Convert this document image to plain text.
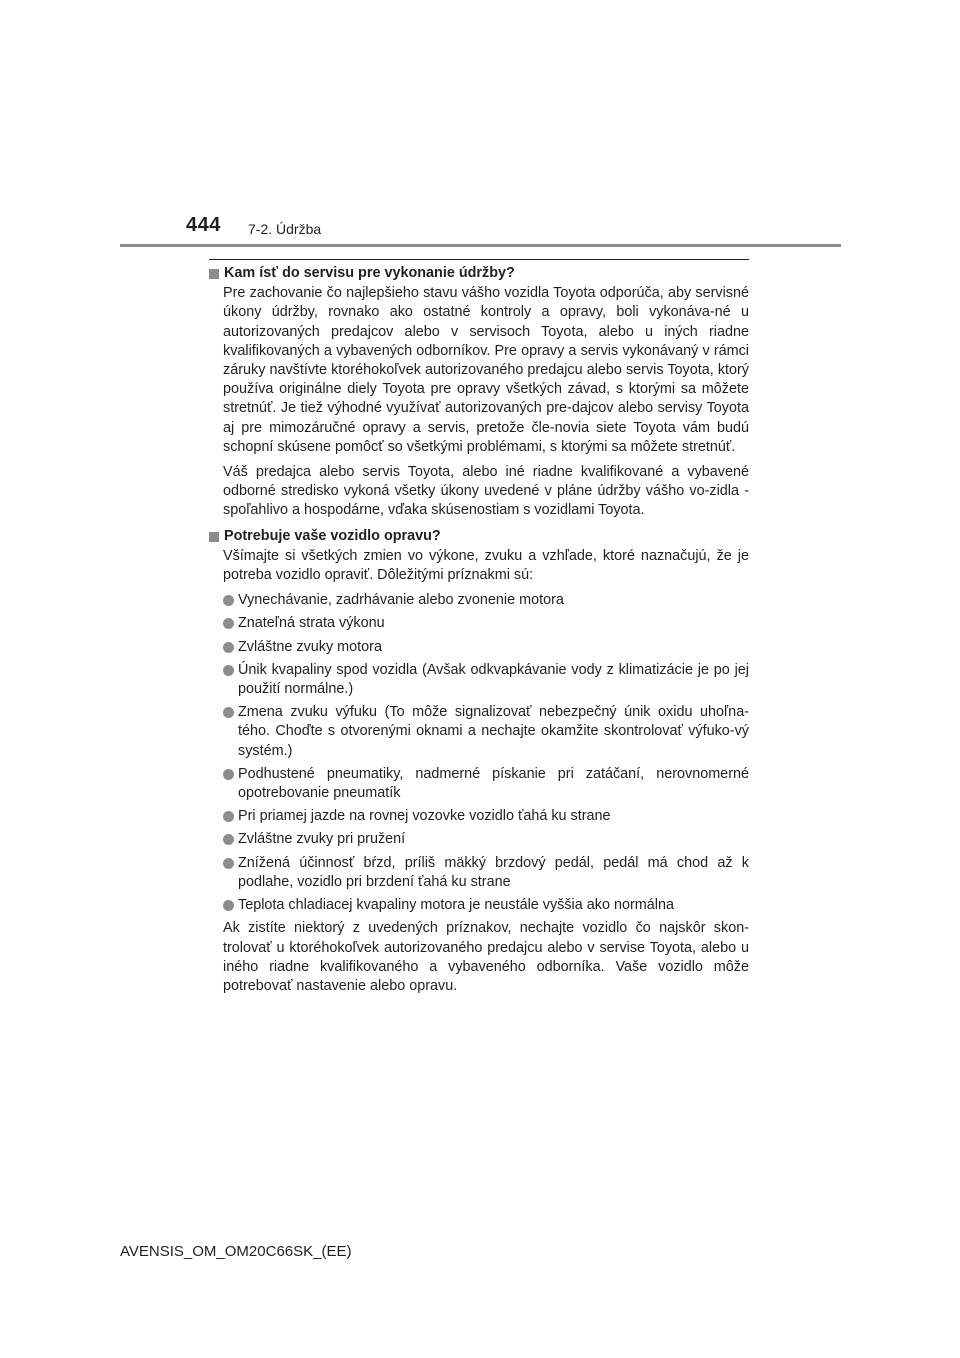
444 7-2. Údržba
Kam ísť do servisu pre vykonanie údržby?

Pre zachovanie čo najlepšieho stavu vášho vozidla Toyota odporúča, aby servisné úkony údržby, rovnako ako ostatné kontroly a opravy, boli vykonáva-né u autorizovaných predajcov alebo v servisoch Toyota, alebo u iných riadne kvalifikovaných a vybavených odborníkov. Pre opravy a servis vykonávaný v rámci záruky navštívte ktoréhokoľvek autorizovaného predajcu alebo servis Toyota, ktorý používa originálne diely Toyota pre opravy všetkých závad, s ktorými sa môžete stretnúť. Je tiež výhodné využívať autorizovaných pre-dajcov alebo servisy Toyota aj pre mimozáručné opravy a servis, pretože čle-novia siete Toyota vám budú schopní skúsene pomôcť so všetkými problémami, s ktorými sa môžete stretnúť.

Váš predajca alebo servis Toyota, alebo iné riadne kvalifikované a vybavené odborné stredisko vykoná všetky úkony uvedené v pláne údržby vášho vo-zidla - spoľahlivo a hospodárne, vďaka skúsenostiam s vozidlami Toyota.

Potrebuje vaše vozidlo opravu?

Všímajte si všetkých zmien vo výkone, zvuku a vzhľade, ktoré naznačujú, že je potreba vozidlo opraviť. Dôležitými príznakmi sú:

Vynechávanie, zadrhávanie alebo zvonenie motora
Znateľná strata výkonu
Zvláštne zvuky motora
Únik kvapaliny spod vozidla (Avšak odkvapkávanie vody z klimatizácie je po jej použití normálne.)
Zmena zvuku výfuku (To môže signalizovať nebezpečný únik oxidu uhoľna-tého. Choďte s otvorenými oknami a nechajte okamžite skontrolovať výfuko-vý systém.)
Podhustené pneumatiky, nadmerné pískanie pri zatáčaní, nerovnomerné opotrebovanie pneumatík
Pri priamej jazde na rovnej vozovke vozidlo ťahá ku strane
Zvláštne zvuky pri pružení
Znížená účinnosť bŕzd, príliš mäkký brzdový pedál, pedál má chod až k podlahe, vozidlo pri brzdení ťahá ku strane
Teplota chladiacej kvapaliny motora je neustále vyššia ako normálna

Ak zistíte niektorý z uvedených príznakov, nechajte vozidlo čo najskôr skon-trolovať u ktoréhokoľvek autorizovaného predajcu alebo v servise Toyota, alebo u iného riadne kvalifikovaného a vybaveného odborníka. Vaše vozidlo môže potrebovať nastavenie alebo opravu.

AVENSIS_OM_OM20C66SK_(EE)
